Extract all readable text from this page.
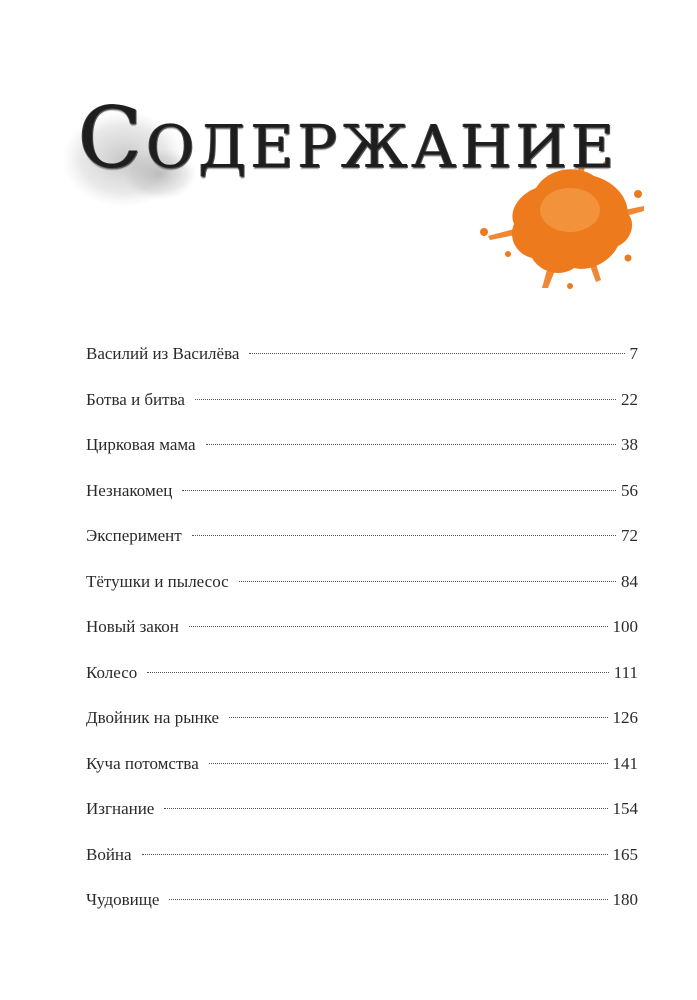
Содержание
Василий из Василёва	7
Ботва и битва	22
Цирковая мама	38
Незнакомец	56
Эксперимент	72
Тётушки и пылесос	84
Новый закон	100
Колесо	111
Двойник на рынке	126
Куча потомства	141
Изгнание	154
Война	165
Чудовище	180
